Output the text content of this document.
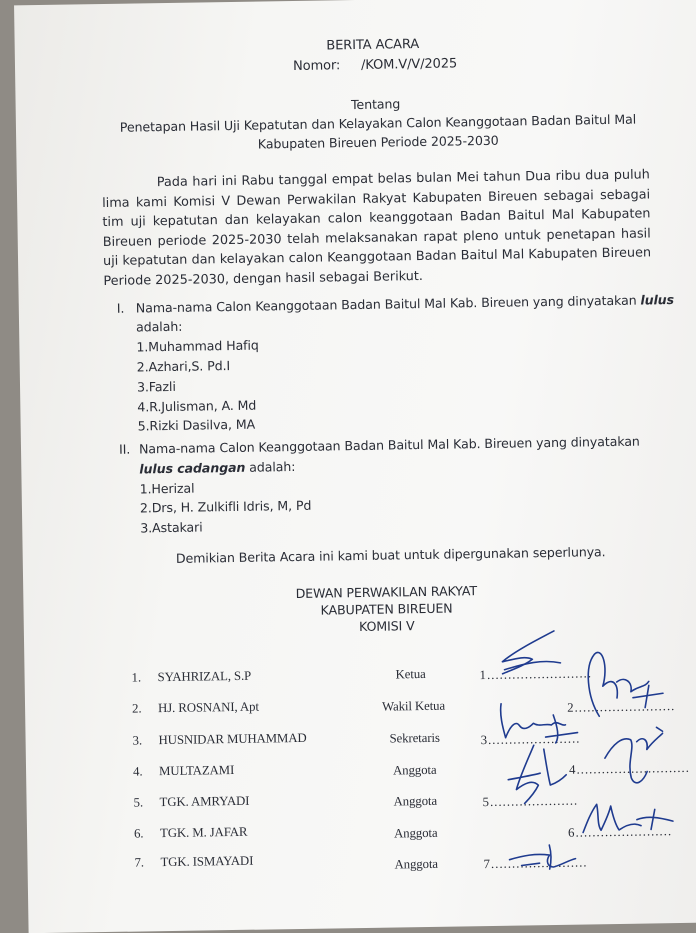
BERITA ACARA
Nomor: /KOM.V/V/2025
Tentang
Penetapan Hasil Uji Kepatutan dan Kelayakan Calon Keanggotaan Badan Baitul Mal
Kabupaten Bireuen Periode 2025-2030
Pada hari ini Rabu tanggal empat belas bulan Mei tahun Dua ribu dua puluh lima kami Komisi V Dewan Perwakilan Rakyat Kabupaten Bireuen sebagai sebagai tim uji kepatutan dan kelayakan calon keanggotaan Badan Baitul Mal Kabupaten Bireuen periode 2025-2030 telah melaksanakan rapat pleno untuk penetapan hasil uji kepatutan dan kelayakan calon Keanggotaan Badan Baitul Mal Kabupaten Bireuen Periode 2025-2030, dengan hasil sebagai Berikut.
I. Nama-nama Calon Keanggotaan Badan Baitul Mal Kab. Bireuen yang dinyatakan lulus
adalah:
1.Muhammad Hafiq
2.Azhari,S. Pd.I
3.Fazli
4.R.Julisman, A. Md
5.Rizki Dasilva, MA
II. Nama-nama Calon Keanggotaan Badan Baitul Mal Kab. Bireuen yang dinyatakan
lulus cadangan adalah:
1.Herizal
2.Drs, H. Zulkifli Idris, M, Pd
3.Astakari
Demikian Berita Acara ini kami buat untuk dipergunakan seperlunya.
DEWAN PERWAKILAN RAKYAT
KABUPATEN BIREUEN
KOMISI V
1. SYAHRIZAL, S.P	Ketua	1.........................
2. HJ. ROSNANI, Apt	Wakil Ketua	2........................
3. HUSNIDAR MUHAMMAD	Sekretaris	3......................
4. MULTAZAMI	Anggota	4...........................
5. TGK. AMRYADI	Anggota	5.....................
6. TGK. M. JAFAR	Anggota	6.......................
7. TGK. ISMAYADI	Anggota	7.......................
